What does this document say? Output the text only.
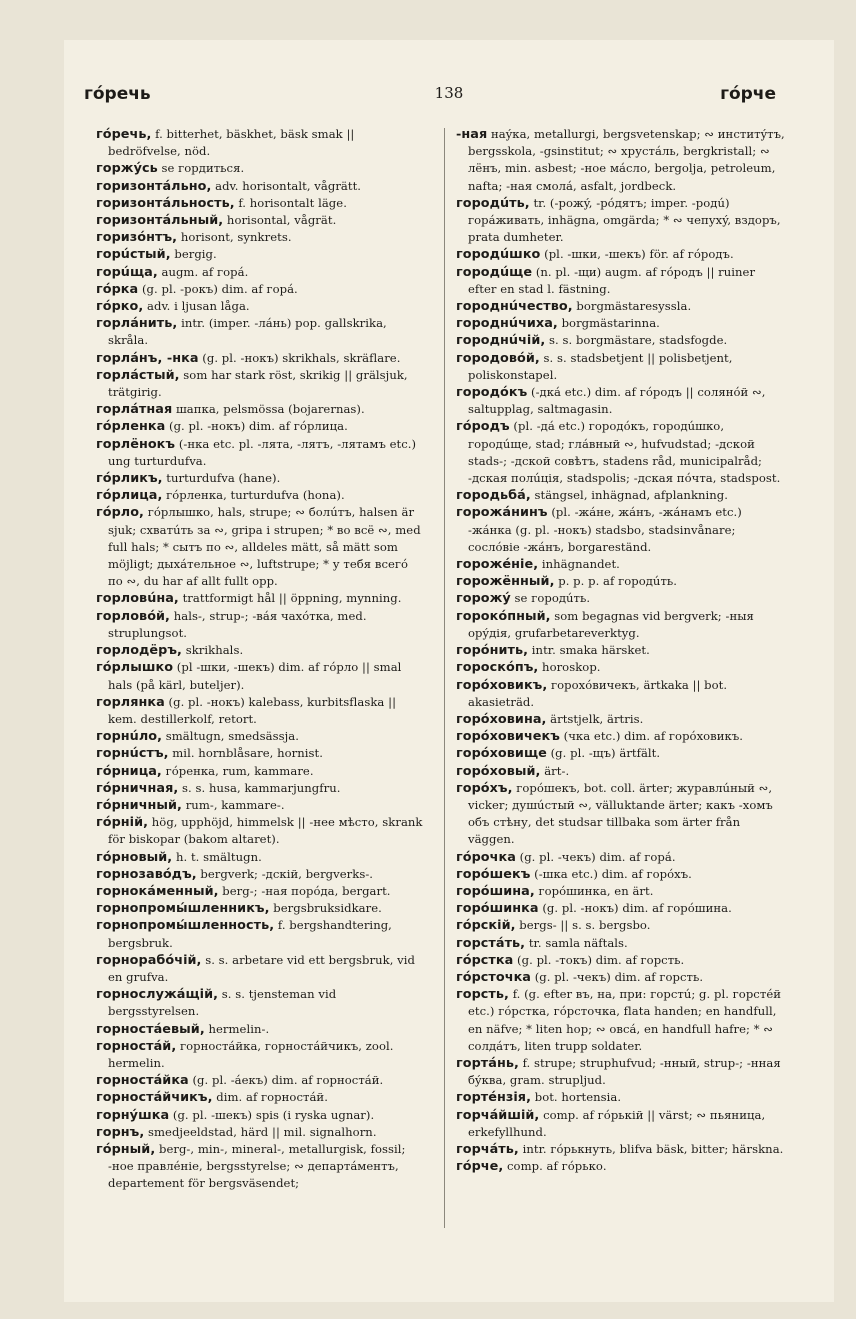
гóречь	138	гóрче

гóречь, f. bitterhet, bäskhet, bäsk smak || bedröfvelse, nöd.

горжýсь se гордиться.

горизонтáльно, adv. horisontalt, vågrätt.

горизонтáльность, f. horisontalt läge.

горизонтáльный, horisontal, vågrät.

горизóнтъ, horisont, synkrets.

горúстый, bergig.

горúща, augm. af горá.

гóрка (g. pl. -рокъ) dim. af горá.

гóрко, adv. i ljusan låga.

горлáнить, intr. (imper. -лáнь) pop. gallskrika, skråla.

горлáнъ, -нка (g. pl. -нокъ) skrikhals, skräflare.

горлáстый, som har stark röst, skrikig || grälsjuk, trätgirig.

горлáтная шапка, pelsmössa (bojarernas).

гóрленка (g. pl. -нокъ) dim. af гóрлица.

горлёнокъ (-нка etc. pl. -лята, -лятъ, -лятамъ etc.) ung turturdufva.

гóрликъ, turturdufva (hane).

гóрлица, гóрленка, turturdufva (hona).

гóрло, гóрлышко, hals, strupe; ∾ болúтъ, halsen är sjuk; схватúть за ∾, gripa i strupen; * во всё ∾, med full hals; * сытъ по ∾, alldeles mätt, så mätt som möjligt; дыхáтельное ∾, luftstrupe; * у тебя всегó по ∾, du har af allt fullt opp.

горловúна, trattformigt hål || öppning, mynning.

горловóй, hals-, strup-; -вáя чахóтка, med. struplungsot.

горлодёръ, skrikhals.

гóрлышко (pl -шки, -шекъ) dim. af гóрло || smal hals (på kärl, buteljer).

горлянка (g. pl. -нокъ) kalebass, kurbitsflaska || kem. destillerkolf, retort.

горнúло, smältugn, smedsässja.

горнúстъ, mil. hornblåsare, hornist.

гóрница, гóренка, rum, kammare.

гóрничная, s. s. husa, kammarjungfru.

гóрничный, rum-, kammare-.

гóрній, hög, upphöjd, himmelsk || -нее мѣсто, skrank för biskopar (bakom altaret).

гóрновый, h. t. smältugn.

горнозавóдъ, bergverk; -дскій, bergverks-.

горнокáменный, berg-; -ная порóда, bergart.

горнопромы́шленникъ, bergsbruksidkare.

горнопромы́шленность, f. bergshandtering, bergsbruk.

горнорабóчій, s. s. arbetare vid ett bergsbruk, vid en grufva.

горнослужáщій, s. s. tjensteman vid bergsstyrelsen.

горностáевый, hermelin-.

горностáй, горностáйка, горностáйчикъ, zool. hermelin.

горностáйка (g. pl. -áекъ) dim. af горностáй.

горностáйчикъ, dim. af горностáй.

горнýшка (g. pl. -шекъ) spis (i ryska ugnar).

горнъ, smedjeeldstad, härd || mil. signalhorn.

гóрный, berg-, min-, mineral-, metallurgisk, fossil; -ное правлéніе, bergsstyrelse; ∾ департáментъ, departement för bergsväsendet;

-ная наýка, metallurgi, bergsvetenskap; ∾ инститýтъ, bergsskola, -gsinstitut; ∾ хрустáль, bergkristall; ∾ лёнъ, min. asbest; -ное мáсло, bergolja, petroleum, nafta; -ная смолá, asfalt, jordbeck.

городúть, tr. (-рожý, -рóдятъ; imper. -родú) горáживать, inhägna, omgärda; * ∾ чепухý, вздоръ, prata dumheter.

городúшко (pl. -шки, -шекъ) för. af гóродъ.

городúще (n. pl. -щи) augm. af гóродъ || ruiner efter en stad l. fästning.

городнúчество, borgmästaresyssla.

городнúчиха, borgmästarinna.

городнúчій, s. s. borgmästare, stadsfogde.

городовóй, s. s. stadsbetjent || polisbetjent, poliskonstapel.

городóкъ (-дкá etc.) dim. af гóродъ || солянóй ∾, saltupplag, saltmagasin.

гóродъ (pl. -дá etc.) городóкъ, городúшко, городúще, stad; глáвный ∾, hufvudstad; -дской stads-; -дской совѣтъ, stadens råd, municipalråd; -дская полúція, stadspolis; -дская пóчта, stadspost.

городьбá, stängsel, inhägnad, afplankning.

горожáнинъ (pl. -жáне, жáнъ, -жáнамъ etc.) -жáнка (g. pl. -нокъ) stadsbo, stadsinvånare; соcлóвіе -жáнъ, borgareständ.

горожéніе, inhägnandet.

горожённый, p. p. p. af городúть.

горожý se городúть.

горокóпный, som begagnas vid bergverk; -ныя орýдія, grufarbetareverktyg.

горóнить, intr. smaka härsket.

горoскóпъ, horoskop.

горóховикъ, горохóвичекъ, ärtkaka || bot. akasieträd.

горóховина, ärtstjelk, ärtris.

горóховичекъ (чка etc.) dim. af горóховикъ.

горóховище (g. pl. -щъ) ärtfält.

горóховый, ärt-.

горóхъ, горóшекъ, bot. coll. ärter; журавлúный ∾, vicker; душúстый ∾, välluktande ärter; какъ -хомъ объ стѣну, det studsar tillbaka som ärter från väggen.

гóрочка (g. pl. -чекъ) dim. af горá.

горóшекъ (-шка etc.) dim. af горóхъ.

горóшина, горóшинка, en ärt.

горóшинка (g. pl. -нокъ) dim. af горóшина.

гóрскій, bergs- || s. s. bergsbo.

горстáть, tr. samla näftals.

гóрстка (g. pl. -токъ) dim. af горсть.

гóрсточка (g. pl. -чекъ) dim. af горсть.

горсть, f. (g. efter въ, на, при: горстú; g. pl. горстéй etc.) гóрстка, гóрсточка, flata handen; en handfull, en näfve; * liten hop; ∾ овсá, en handfull hafre; * ∾ солдáтъ, liten trupp soldater.

гортáнь, f. strupe; struphufvud; -нный, strup-; -нная бýква, gram. strupljud.

гортéнзія, bot. hortensia.

горчáйшій, comp. af гóрькій || värst; ∾ пьяница, erkefyllhund.

горчáть, intr. гóрькнуть, blifva bäsk, bitter; härskna.

гóрче, comp. af гóрько.
